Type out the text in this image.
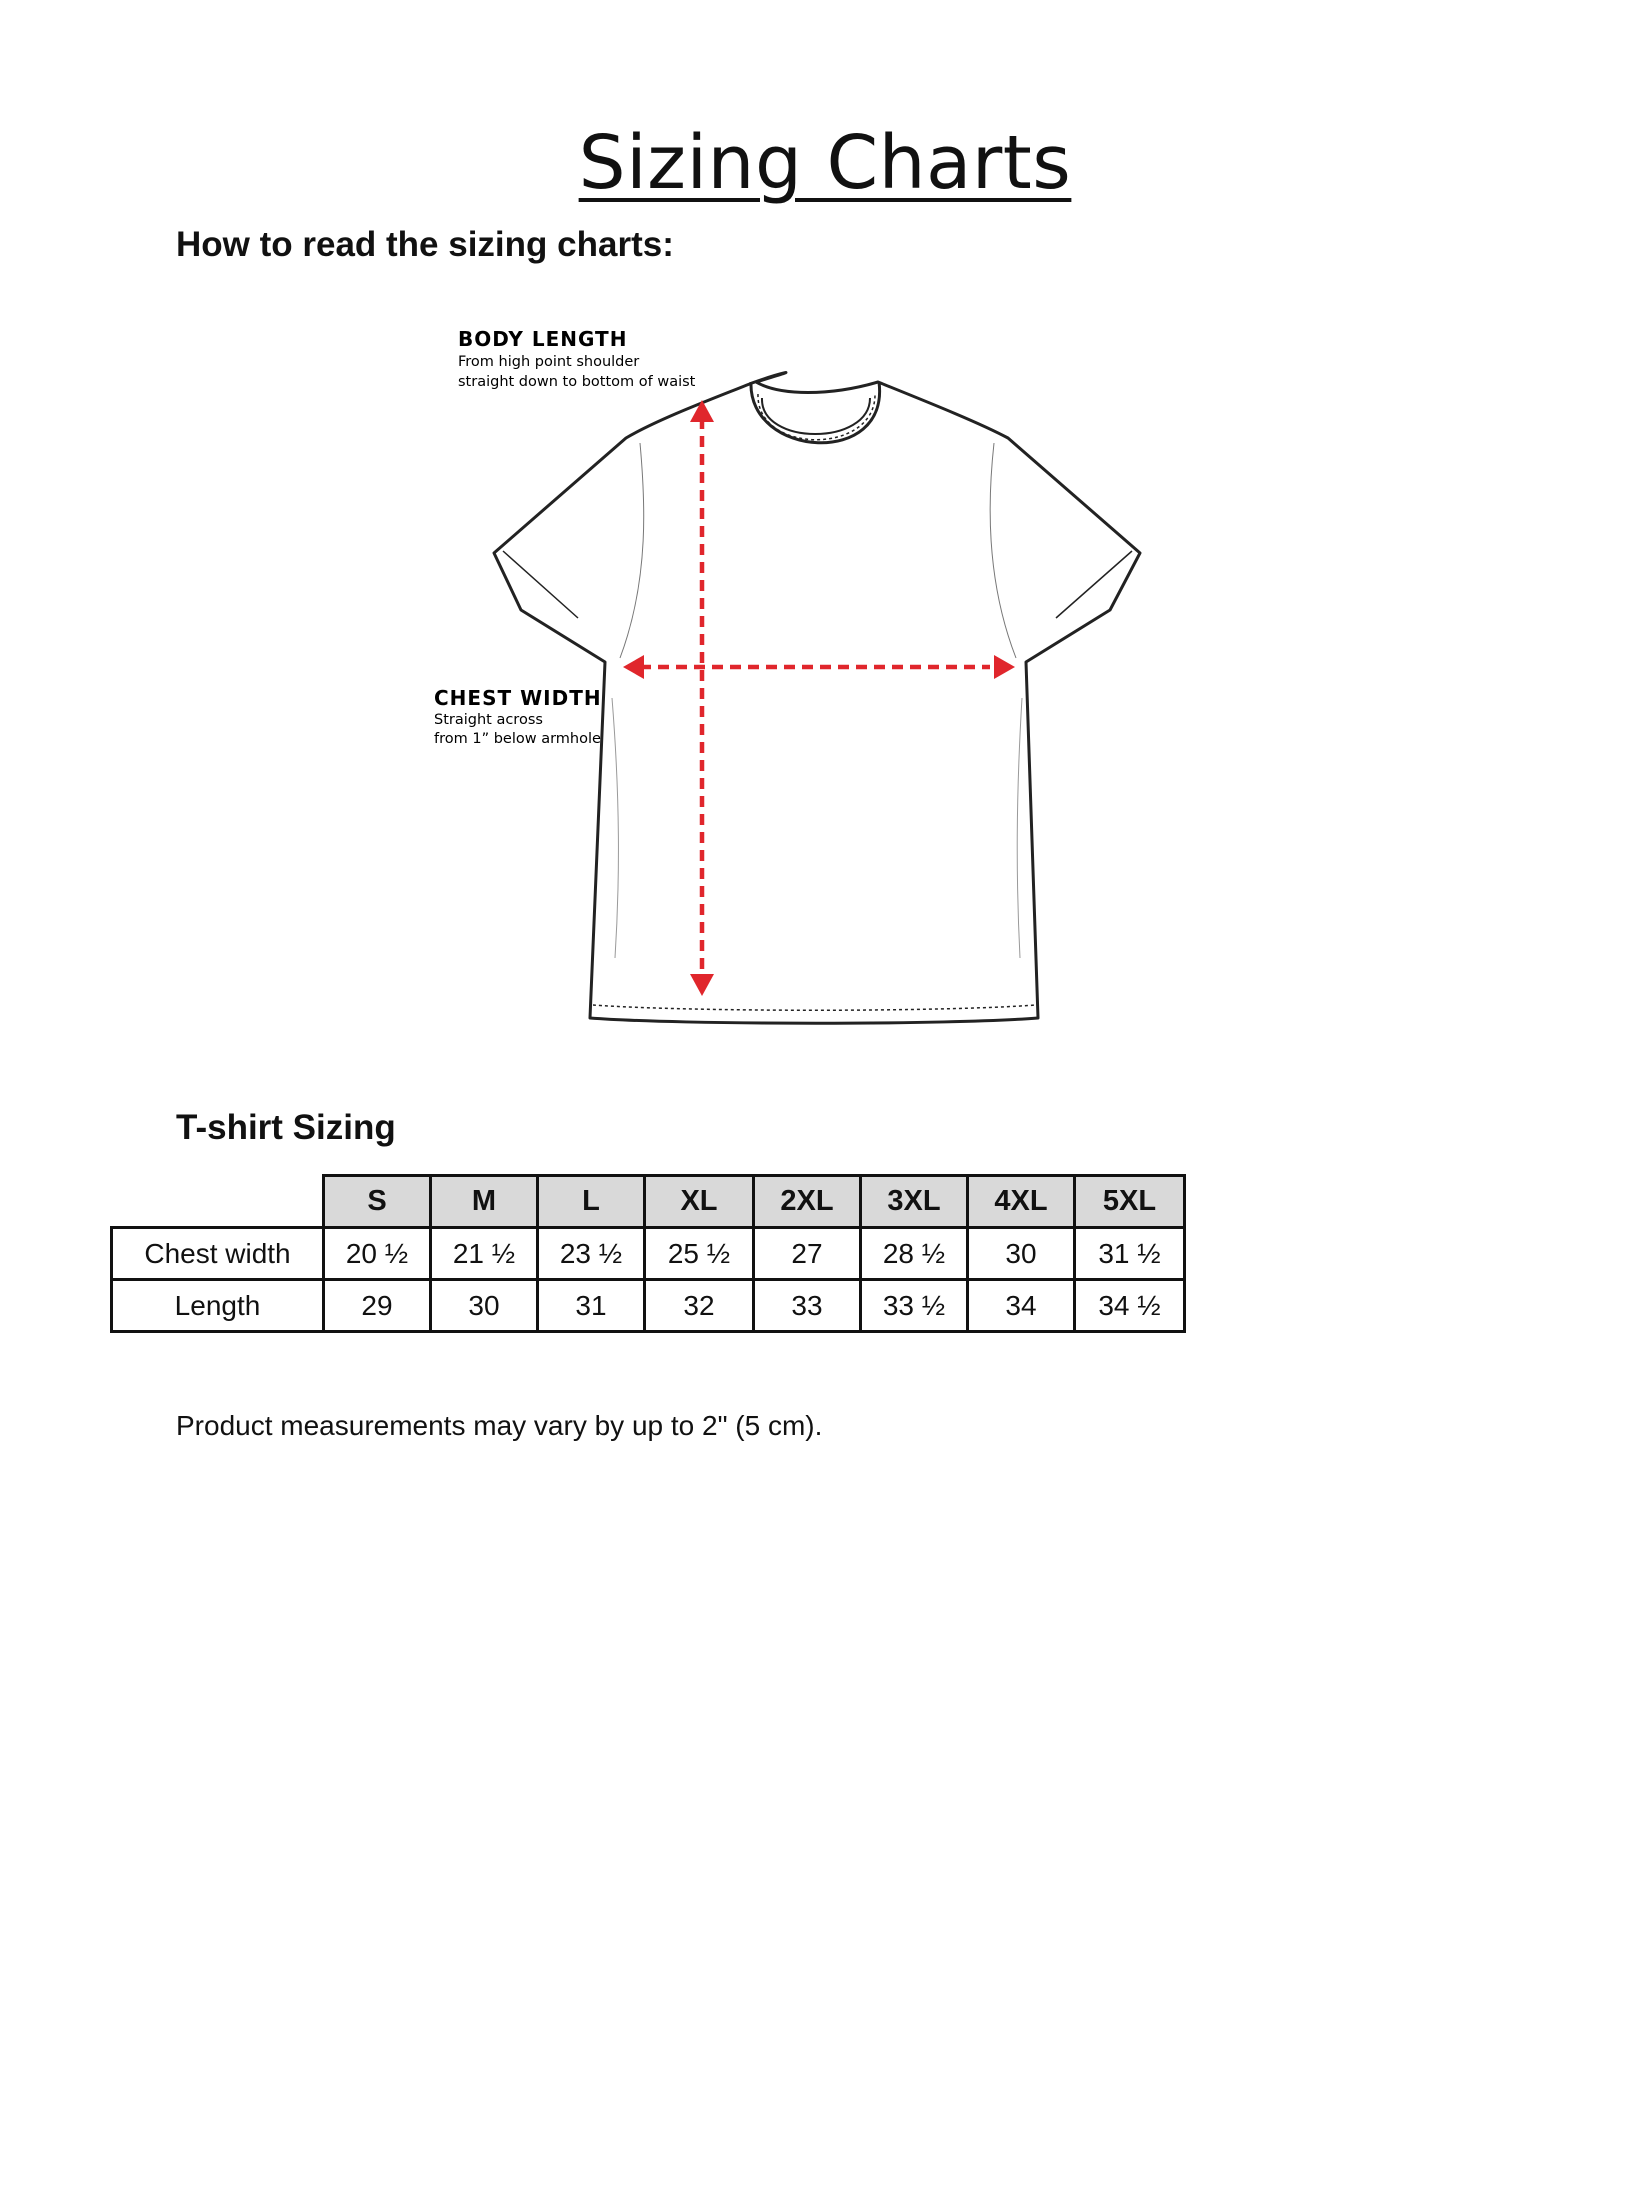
Sizing Charts
How to read the sizing charts:
BODY LENGTH
From high point shoulder
straight down to bottom of waist
CHEST WIDTH
Straight across
from 1” below armhole
T-shirt Sizing
	S	M	L	XL	2XL	3XL	4XL	5XL
Chest width	20 ½	21 ½	23 ½	25 ½	27	28 ½	30	31 ½
Length	29	30	31	32	33	33 ½	34	34 ½

Product measurements may vary by up to 2" (5 cm).
